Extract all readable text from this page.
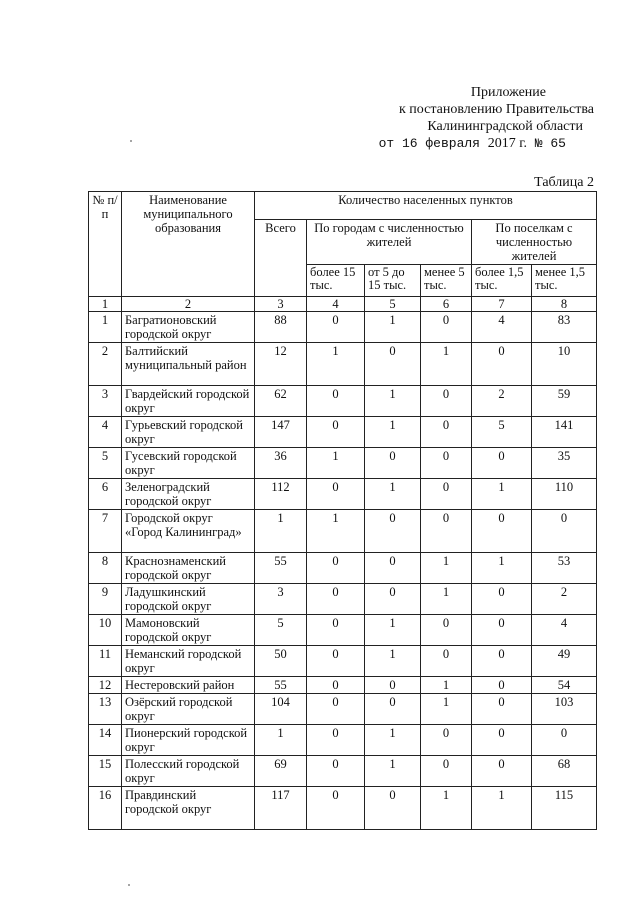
Приложение
к постановлению Правительства
Калининградской области
от 16 февраля 2017 г. № 65
Таблица 2
№ п/п	Наименование муниципального образования	Количество населенных пунктов					
		Всего	По городам с численностью жителей			По поселкам с численностью жителей	
			более 15 тыс.	от 5 до 15 тыс.	менее 5 тыс.	более 1,5 тыс.	менее 1,5 тыс.
1	2	3	4	5	6	7	8
1	Багратионовский городской округ	88	0	1	0	4	83
2	Балтийский муниципальный район	12	1	0	1	0	10
3	Гвардейский городской округ	62	0	1	0	2	59
4	Гурьевский городской округ	147	0	1	0	5	141
5	Гусевский городской округ	36	1	0	0	0	35
6	Зеленоградский городской округ	112	0	1	0	1	110
7	Городской округ «Город Калининград»	1	1	0	0	0	0
8	Краснознаменский городской округ	55	0	0	1	1	53
9	Ладушкинский городской округ	3	0	0	1	0	2
10	Мамоновский городской округ	5	0	1	0	0	4
11	Неманский городской округ	50	0	1	0	0	49
12	Нестеровский район	55	0	0	1	0	54
13	Озёрский городской округ	104	0	0	1	0	103
14	Пионерский городской округ	1	0	1	0	0	0
15	Полесский городской округ	69	0	1	0	0	68
16	Правдинский городской округ	117	0	0	1	1	115
